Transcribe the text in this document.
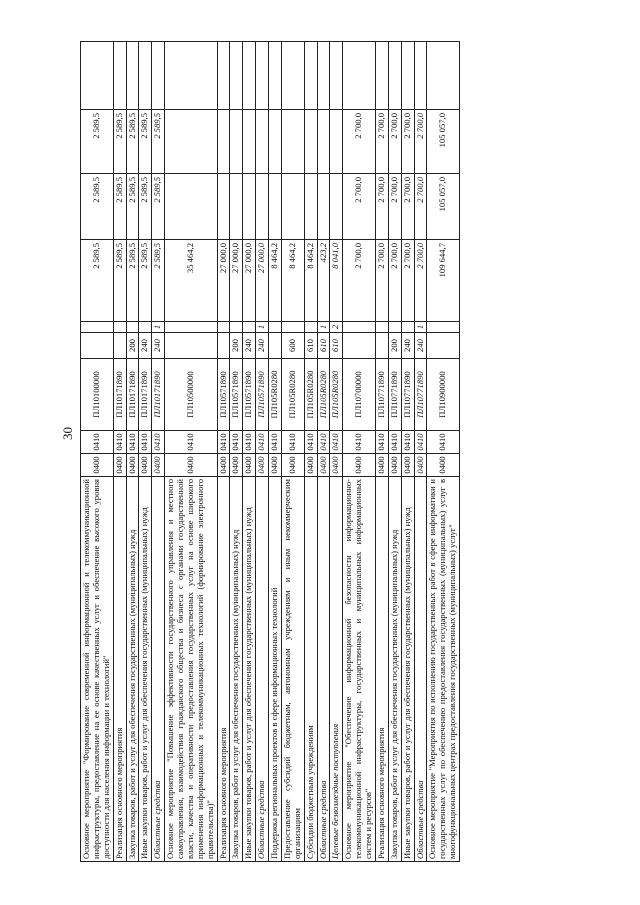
30
Основное мероприятие "Формирование современной информационной и телекоммуникационной инфраструктуры, предоставление на ее основе качественных услуг и обеспечение высокого уровня доступности для населения информации и технологий"	0400	0410	ПЛ10100000			2 589,5	2 589,5	2 589,5	
Реализация основного мероприятия	0400	0410	ПЛ10171890			2 589,5	2 589,5	2 589,5	
Закупка товаров, работ и услуг для обеспечения государственных (муниципальных) нужд	0400	0410	ПЛ10171890	200		2 589,5	2 589,5	2 589,5	
Иные закупки товаров, работ и услуг для обеспечения государственных (муниципальных) нужд	0400	0410	ПЛ10171890	240		2 589,5	2 589,5	2 589,5	
Областные средства	0400	0410	ПЛ10171890	240	1	2 589,5	2 589,5	2 589,5	
Основное мероприятие "Повышение эффективности государственного управления и местного самоуправления, взаимодействия гражданского общества и бизнеса с органами государственной власти, качества и оперативности предоставления государственных услуг на основе широкого применения информационных и телекоммуникационных технологий (формирование электронного правительства)"	0400	0410	ПЛ10500000			35 464,2			
Реализация основного мероприятия	0400	0410	ПЛ10571890			27 000,0			
Закупка товаров, работ и услуг для обеспечения государственных (муниципальных) нужд	0400	0410	ПЛ10571890	200		27 000,0			
Иные закупки товаров, работ и услуг для обеспечения государственных (муниципальных) нужд	0400	0410	ПЛ10571890	240		27 000,0			
Областные средства	0400	0410	ПЛ10571890	240	1	27 000,0			
Поддержка региональных проектов в сфере информационных технологий	0400	0410	ПЛ105R0280			8 464,2			
Предоставление субсидий бюджетным, автономным учреждениям и иным некоммерческим организациям	0400	0410	ПЛ105R0280	600		8 464,2			
Субсидии бюджетным учреждениям	0400	0410	ПЛ105R0280	610		8 464,2			
Областные средства	0400	0410	ПЛ105R0280	610	1	423,2			
Целевые безвозмездные поступления	0400	0410	ПЛ105R0280	610	2	8 041,0			
Основное мероприятие "Обеспечение информационной безопасности информационно-телекоммуникационной инфраструктуры, государственных и муниципальных информационных систем и ресурсов"	0400	0410	ПЛ10700000			2 700,0	2 700,0	2 700,0	
Реализация основного мероприятия	0400	0410	ПЛ10771890			2 700,0	2 700,0	2 700,0	
Закупка товаров, работ и услуг для обеспечения государственных (муниципальных) нужд	0400	0410	ПЛ10771890	200		2 700,0	2 700,0	2 700,0	
Иные закупки товаров, работ и услуг для обеспечения государственных (муниципальных) нужд	0400	0410	ПЛ10771890	240		2 700,0	2 700,0	2 700,0	
Областные средства	0400	0410	ПЛ10771890	240	1	2 700,0	2 700,0	2 700,0	
Основное мероприятие "Мероприятия по исполнению государственных работ в сфере информатики и государственных услуг по обеспечению предоставления государственных (муниципальных) услуг в многофункциональных центрах предоставления государственных (муниципальных) услуг"	0400	0410	ПЛ10900000			109 644,7	105 057,0	105 057,0	
